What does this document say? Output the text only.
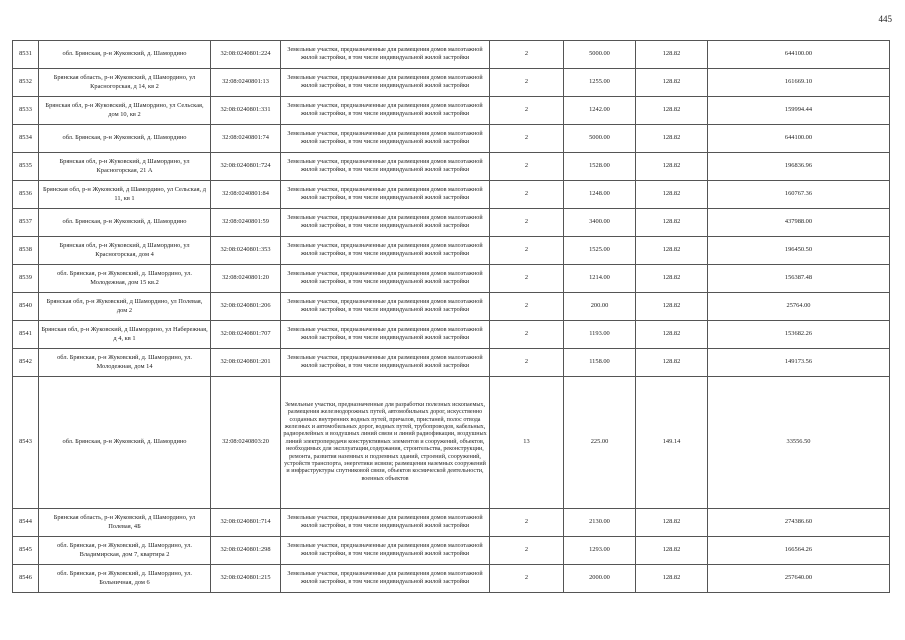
445
8531	обл. Брянская, р-н Жуковский, д. Шамордино	32:08:0240801:224	Земельные участки, предназначенные для размещения домов малоэтажной жилой застройки, в том числе индивидуальной жилой застройки	2	5000.00	128.82	644100.00
8532	Брянская область, р-н Жуковский, д Шамордино, ул Красногорская, д 14, кв 2	32:08:0240801:13	Земельные участки, предназначенные для размещения домов малоэтажной жилой застройки, в том числе индивидуальной жилой застройки	2	1255.00	128.82	161669.10
8533	Брянская обл, р-н Жуковский, д Шамордино, ул Сельская, дом 10, кв 2	32:08:0240801:331	Земельные участки, предназначенные для размещения домов малоэтажной жилой застройки, в том числе индивидуальной жилой застройки	2	1242.00	128.82	159994.44
8534	обл. Брянская, р-н Жуковский, д. Шамордино	32:08:0240801:74	Земельные участки, предназначенные для размещения домов малоэтажной жилой застройки, в том числе индивидуальной жилой застройки	2	5000.00	128.82	644100.00
8535	Брянская обл, р-н Жуковский, д Шамордино, ул Красногорская, 21 А	32:08:0240801:724	Земельные участки, предназначенные для размещения домов малоэтажной жилой застройки, в том числе индивидуальной жилой застройки	2	1528.00	128.82	196836.96
8536	Брянская обл, р-н Жуковский, д Шамордино, ул Сельская, д 11, кв 1	32:08:0240801:84	Земельные участки, предназначенные для размещения домов малоэтажной жилой застройки, в том числе индивидуальной жилой застройки	2	1248.00	128.82	160767.36
8537	обл. Брянская, р-н Жуковский, д. Шамордино	32:08:0240801:59	Земельные участки, предназначенные для размещения домов малоэтажной жилой застройки, в том числе индивидуальной жилой застройки	2	3400.00	128.82	437988.00
8538	Брянская обл, р-н Жуковский, д Шамордино, ул Красногорская, дом 4	32:08:0240801:353	Земельные участки, предназначенные для размещения домов малоэтажной жилой застройки, в том числе индивидуальной жилой застройки	2	1525.00	128.82	196450.50
8539	обл. Брянская, р-н Жуковский, д. Шамордино, ул. Молодежная, дом 15 кв.2	32:08:0240801:20	Земельные участки, предназначенные для размещения домов малоэтажной жилой застройки, в том числе индивидуальной жилой застройки	2	1214.00	128.82	156387.48
8540	Брянская обл, р-н Жуковский, д Шамордино, ул Полевая, дом 2	32:08:0240801:206	Земельные участки, предназначенные для размещения домов малоэтажной жилой застройки, в том числе индивидуальной жилой застройки	2	200.00	128.82	25764.00
8541	Брянская обл, р-н Жуковский, д Шамордино, ул Набережная, д 4, кв 1	32:08:0240801:707	Земельные участки, предназначенные для размещения домов малоэтажной жилой застройки, в том числе индивидуальной жилой застройки	2	1193.00	128.82	153682.26
8542	обл. Брянская, р-н Жуковский, д. Шамордино, ул. Молодежная, дом 14	32:08:0240801:201	Земельные участки, предназначенные для размещения домов малоэтажной жилой застройки, в том числе индивидуальной жилой застройки	2	1158.00	128.82	149173.56
8543	обл. Брянская, р-н Жуковский, д. Шамордино	32:08:0240803:20	Земельные участки, предназначенные для разработки полезных ископаемых, размещения железнодорожных путей, автомобильных дорог, искусственно созданных внутренних водных путей, причалов, пристаней, полос отвода железных и автомобильных дорог, водных путей, трубопроводов, кабельных, радиорелейных и воздушных линий связи и линий радиофикации, воздушных линий электропередачи конструктивных элементов и сооружений, объектов, необходимых для эксплуатации,содержания, строительства, реконструкции, ремонта, развития наземных и подземных зданий, строений, сооружений, устройств транспорта, энергетики исвязи; размещения наземных сооружений и инфраструктуры спутниковой связи, объектов космической деятельности, военных объектов	13	225.00	149.14	33556.50
8544	Брянская область, р-н Жуковский, д Шамордино, ул Полевая, 4Б	32:08:0240801:714	Земельные участки, предназначенные для размещения домов малоэтажной жилой застройки, в том числе индивидуальной жилой застройки	2	2130.00	128.82	274386.60
8545	обл. Брянская, р-н Жуковский, д. Шамордино, ул. Владимирская, дом 7, квартира 2	32:08:0240801:298	Земельные участки, предназначенные для размещения домов малоэтажной жилой застройки, в том числе индивидуальной жилой застройки	2	1293.00	128.82	166564.26
8546	обл. Брянская, р-н Жуковский, д. Шамордино, ул. Больничная, дом 6	32:08:0240801:215	Земельные участки, предназначенные для размещения домов малоэтажной жилой застройки, в том числе индивидуальной жилой застройки	2	2000.00	128.82	257640.00
